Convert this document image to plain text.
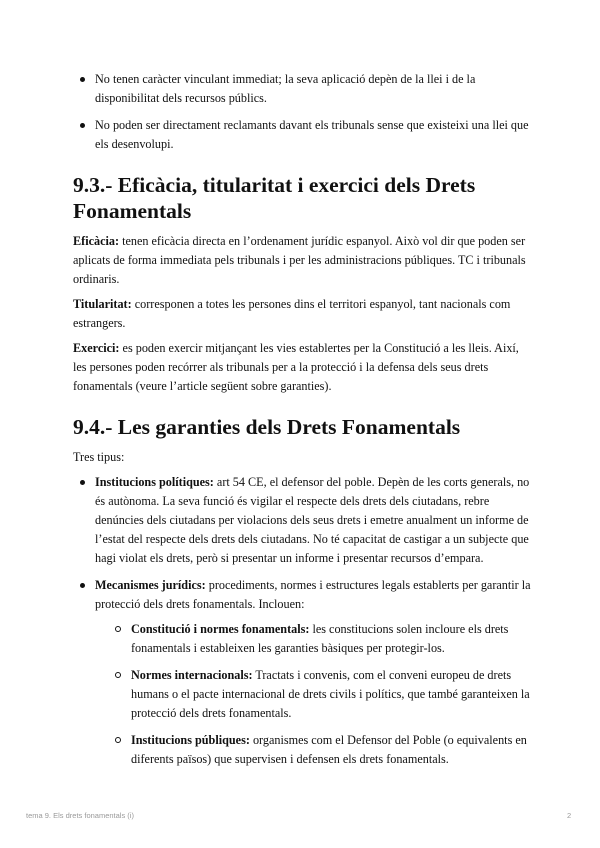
No tenen caràcter vinculant immediat; la seva aplicació depèn de la llei i de la disponibilitat dels recursos públics.
No poden ser directament reclamants davant els tribunals sense que existeixi una llei que els desenvolupi.
9.3.- Eficàcia, titularitat i exercici dels Drets Fonamentals

Eficàcia: tenen eficàcia directa en l’ordenament jurídic espanyol. Això vol dir que poden ser aplicats de forma immediata pels tribunals i per les administracions públiques. TC i tribunals ordinaris.

Titularitat: corresponen a totes les persones dins el territori espanyol, tant nacionals com estrangers.

Exercici: es poden exercir mitjançant les vies establertes per la Constitució a les lleis. Així, les persones poden recórrer als tribunals per a la protecció i la defensa dels seus drets fonamentals (veure l’article següent sobre garanties).

9.4.- Les garanties dels Drets Fonamentals

Tres tipus:

Institucions polítiques: art 54 CE, el defensor del poble. Depèn de les corts generals, no és autònoma. La seva funció és vigilar el respecte dels drets dels ciutadans, rebre denúncies dels ciutadans per violacions dels seus drets i emetre anualment un informe de l’estat del respecte dels drets dels ciutadans. No té capacitat de castigar a un subjecte que hagi violat els drets, però si presentar un informe i presentar recursos d’empara.
Mecanismes jurídics: procediments, normes i estructures legals establerts per garantir la protecció dels drets fonamentals. Inclouen:
Constitució i normes fonamentals: les constitucions solen incloure els drets fonamentals i estableixen les garanties bàsiques per protegir-los.
Normes internacionals: Tractats i convenis, com el conveni europeu de drets humans o el pacte internacional de drets civils i polítics, que també garanteixen la protecció dels drets fonamentals.
Institucions públiques: organismes com el Defensor del Poble (o equivalents en diferents països) que supervisen i defensen els drets fonamentals.
tema 9. Els drets fonamentals (i)	2
